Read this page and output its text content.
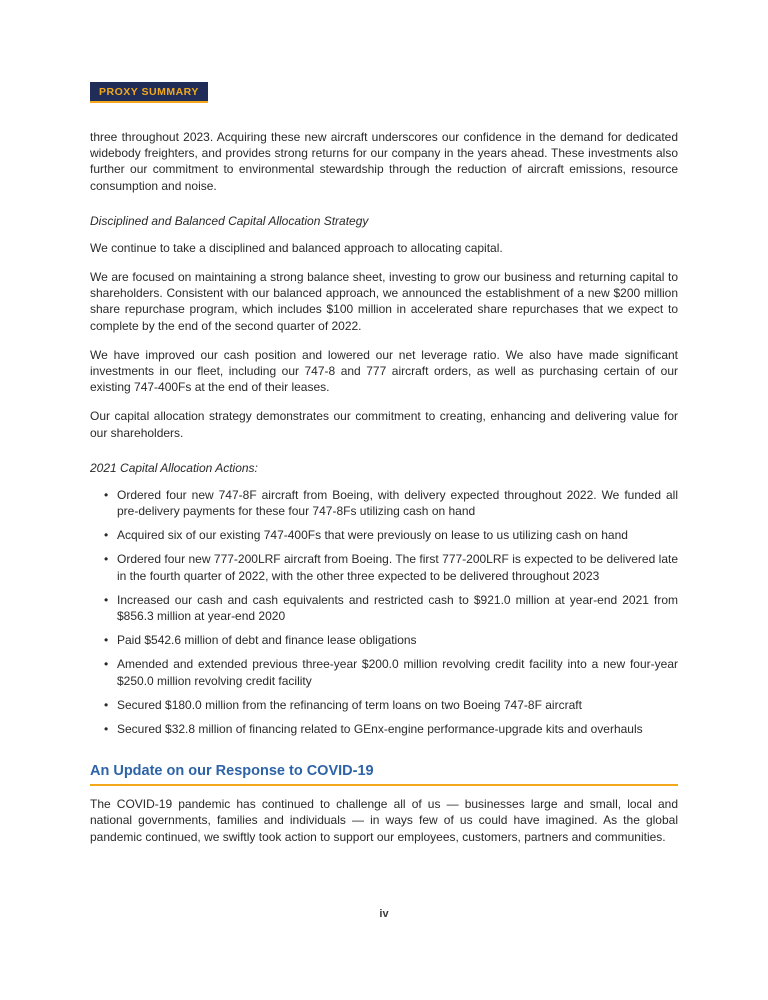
PROXY SUMMARY

three throughout 2023. Acquiring these new aircraft underscores our confidence in the demand for dedicated widebody freighters, and provides strong returns for our company in the years ahead. These investments also further our commitment to environmental stewardship through the reduction of aircraft emissions, resource consumption and noise.

Disciplined and Balanced Capital Allocation Strategy

We continue to take a disciplined and balanced approach to allocating capital.

We are focused on maintaining a strong balance sheet, investing to grow our business and returning capital to shareholders. Consistent with our balanced approach, we announced the establishment of a new $200 million share repurchase program, which includes $100 million in accelerated share repurchases that we expect to complete by the end of the second quarter of 2022.

We have improved our cash position and lowered our net leverage ratio. We also have made significant investments in our fleet, including our 747-8 and 777 aircraft orders, as well as purchasing certain of our existing 747-400Fs at the end of their leases.

Our capital allocation strategy demonstrates our commitment to creating, enhancing and delivering value for our shareholders.

2021 Capital Allocation Actions:
• Ordered four new 747-8F aircraft from Boeing, with delivery expected throughout 2022. We funded all pre-delivery payments for these four 747-8Fs utilizing cash on hand
• Acquired six of our existing 747-400Fs that were previously on lease to us utilizing cash on hand
• Ordered four new 777-200LRF aircraft from Boeing. The first 777-200LRF is expected to be delivered late in the fourth quarter of 2022, with the other three expected to be delivered throughout 2023
• Increased our cash and cash equivalents and restricted cash to $921.0 million at year-end 2021 from $856.3 million at year-end 2020
• Paid $542.6 million of debt and finance lease obligations
• Amended and extended previous three-year $200.0 million revolving credit facility into a new four-year $250.0 million revolving credit facility
• Secured $180.0 million from the refinancing of term loans on two Boeing 747-8F aircraft
• Secured $32.8 million of financing related to GEnx-engine performance-upgrade kits and overhauls
An Update on our Response to COVID-19

The COVID-19 pandemic has continued to challenge all of us — businesses large and small, local and national governments, families and individuals — in ways few of us could have imagined. As the global pandemic continued, we swiftly took action to support our employees, customers, partners and communities.

iv
